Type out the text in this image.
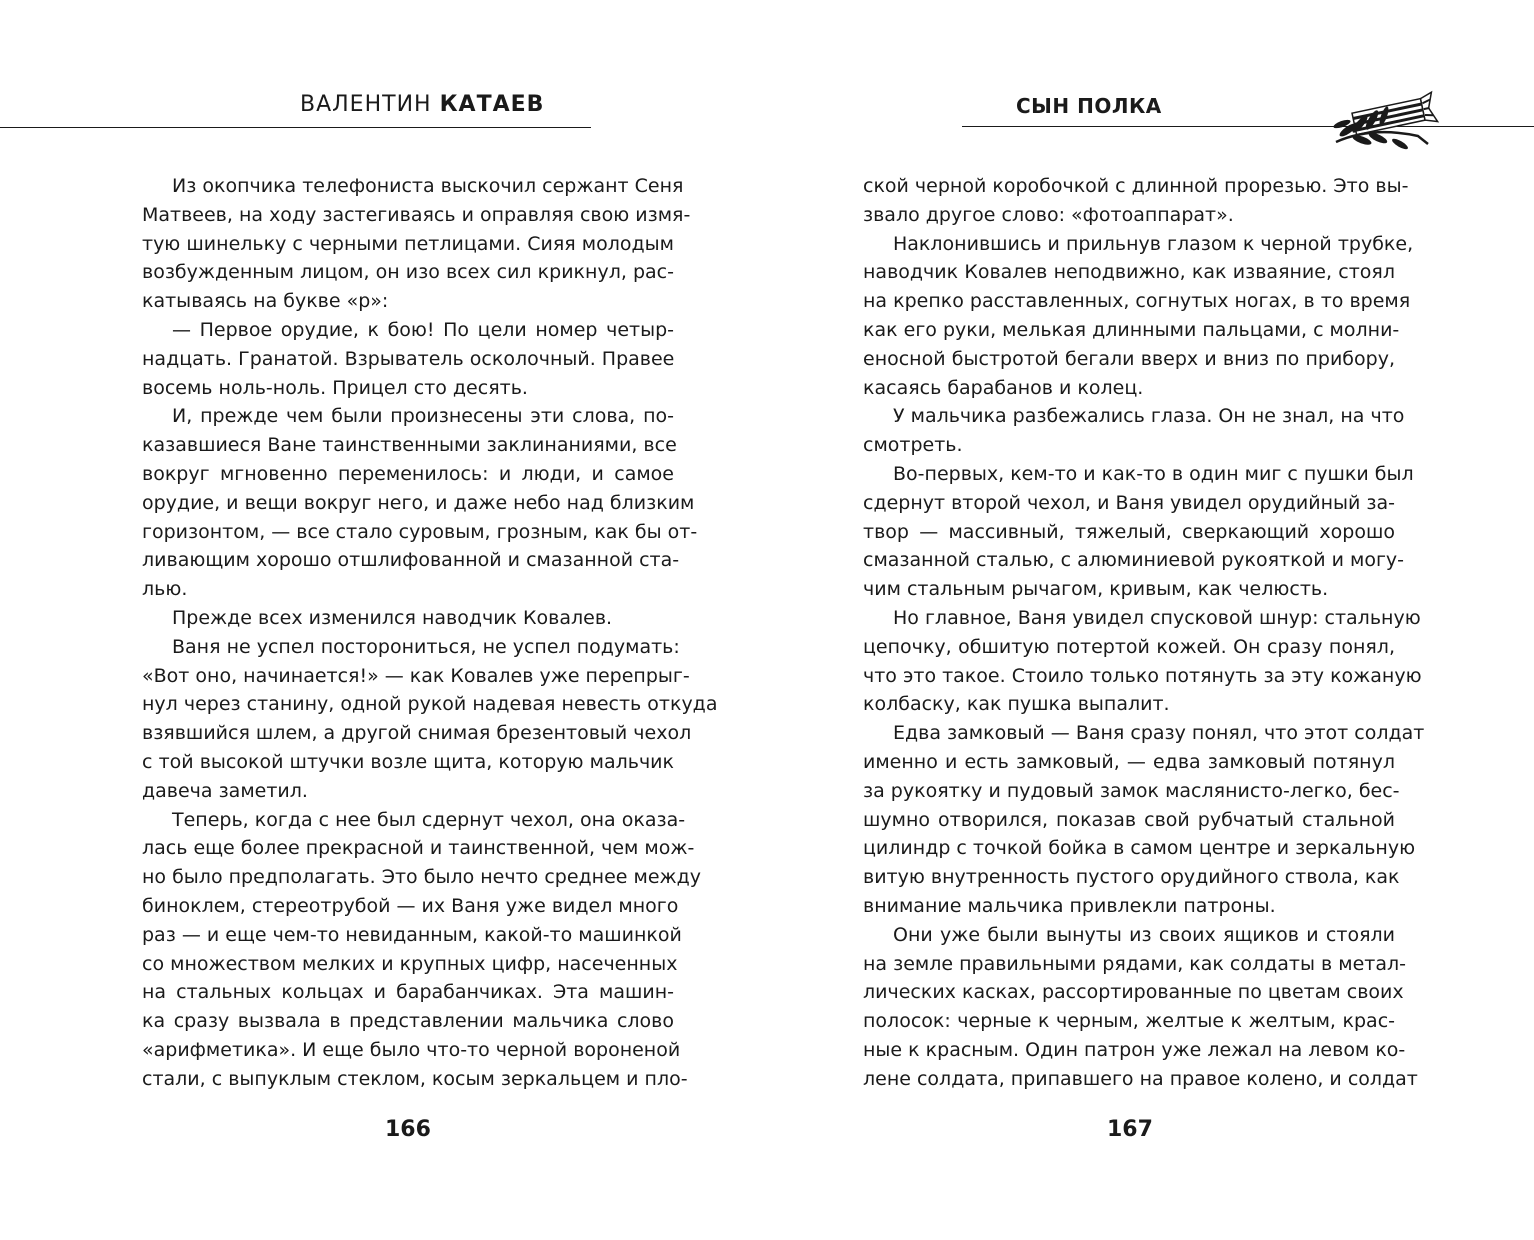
ВАЛЕНТИН КАТАЕВ
Из окопчика телефониста выскочил сержант Сеня
Матвеев, на ходу застегиваясь и оправляя свою измя-
тую шинельку с черными петлицами. Сияя молодым
возбужденным лицом, он изо всех сил крикнул, рас-
катываясь на букве «р»:
— Первое орудие, к бою! По цели номер четыр-
надцать. Гранатой. Взрыватель осколочный. Правее
восемь ноль-ноль. Прицел сто десять.
И, прежде чем были произнесены эти слова, по-
казавшиеся Ване таинственными заклинаниями, все
вокруг мгновенно переменилось: и люди, и самое
орудие, и вещи вокруг него, и даже небо над близким
горизонтом, — все стало суровым, грозным, как бы от-
ливающим хорошо отшлифованной и смазанной ста-
лью.
Прежде всех изменился наводчик Ковалев.
Ваня не успел посторониться, не успел подумать:
«Вот оно, начинается!» — как Ковалев уже перепрыг-
нул через станину, одной рукой надевая невесть откуда
взявшийся шлем, а другой снимая брезентовый чехол
с той высокой штучки возле щита, которую мальчик
давеча заметил.
Теперь, когда с нее был сдернут чехол, она оказа-
лась еще более прекрасной и таинственной, чем мож-
но было предполагать. Это было нечто среднее между
биноклем, стереотрубой — их Ваня уже видел много
раз — и еще чем-то невиданным, какой-то машинкой
со множеством мелких и крупных цифр, насеченных
на стальных кольцах и барабанчиках. Эта машин-
ка сразу вызвала в представлении мальчика слово
«арифметика». И еще было что-то черной вороненой
стали, с выпуклым стеклом, косым зеркальцем и пло-
166
СЫН ПОЛКА
ской черной коробочкой с длинной прорезью. Это вы-
звало другое слово: «фотоаппарат».
Наклонившись и прильнув глазом к черной трубке,
наводчик Ковалев неподвижно, как изваяние, стоял
на крепко расставленных, согнутых ногах, в то время
как его руки, мелькая длинными пальцами, с молни-
еносной быстротой бегали вверх и вниз по прибору,
касаясь барабанов и колец.
У мальчика разбежались глаза. Он не знал, на что
смотреть.
Во-первых, кем-то и как-то в один миг с пушки был
сдернут второй чехол, и Ваня увидел орудийный за-
твор — массивный, тяжелый, сверкающий хорошо
смазанной сталью, с алюминиевой рукояткой и могу-
чим стальным рычагом, кривым, как челюсть.
Но главное, Ваня увидел спусковой шнур: стальную
цепочку, обшитую потертой кожей. Он сразу понял,
что это такое. Стоило только потянуть за эту кожаную
колбаску, как пушка выпалит.
Едва замковый — Ваня сразу понял, что этот солдат
именно и есть замковый, — едва замковый потянул
за рукоятку и пудовый замок маслянисто-легко, бес-
шумно отворился, показав свой рубчатый стальной
цилиндр с точкой бойка в самом центре и зеркальную
витую внутренность пустого орудийного ствола, как
внимание мальчика привлекли патроны.
Они уже были вынуты из своих ящиков и стояли
на земле правильными рядами, как солдаты в метал-
лических касках, рассортированные по цветам своих
полосок: черные к черным, желтые к желтым, крас-
ные к красным. Один патрон уже лежал на левом ко-
лене солдата, припавшего на правое колено, и солдат
167
